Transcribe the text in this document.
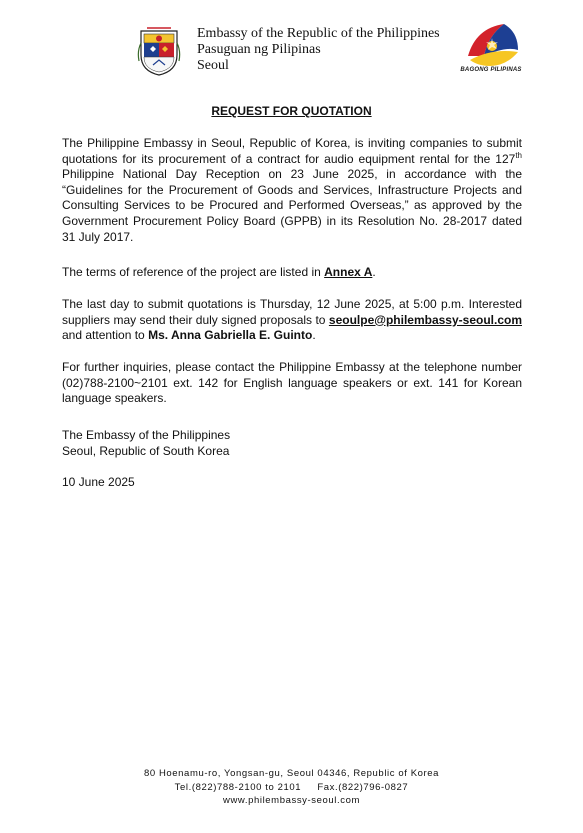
Embassy of the Republic of the Philippines
Pasuguan ng Pilipinas
Seoul	BAGONG PILIPINAS
REQUEST FOR QUOTATION
The Philippine Embassy in Seoul, Republic of Korea, is inviting companies to submit quotations for its procurement of a contract for audio equipment rental for the 127th Philippine National Day Reception on 23 June 2025, in accordance with the “Guidelines for the Procurement of Goods and Services, Infrastructure Projects and Consulting Services to be Procured and Performed Overseas,” as approved by the Government Procurement Policy Board (GPPB) in its Resolution No. 28-2017 dated 31 July 2017.
The terms of reference of the project are listed in Annex A.
The last day to submit quotations is Thursday, 12 June 2025, at 5:00 p.m. Interested suppliers may send their duly signed proposals to seoulpe@philembassy-seoul.com and attention to Ms. Anna Gabriella E. Guinto.
For further inquiries, please contact the Philippine Embassy at the telephone number (02)788-2100~2101 ext. 142 for English language speakers or ext. 141 for Korean language speakers.
The Embassy of the Philippines
Seoul, Republic of South Korea
10 June 2025
80 Hoenamu-ro, Yongsan-gu, Seoul 04346, Republic of Korea
Tel.(822)788-2100 to 2101     Fax.(822)796-0827
www.philembassy-seoul.com
